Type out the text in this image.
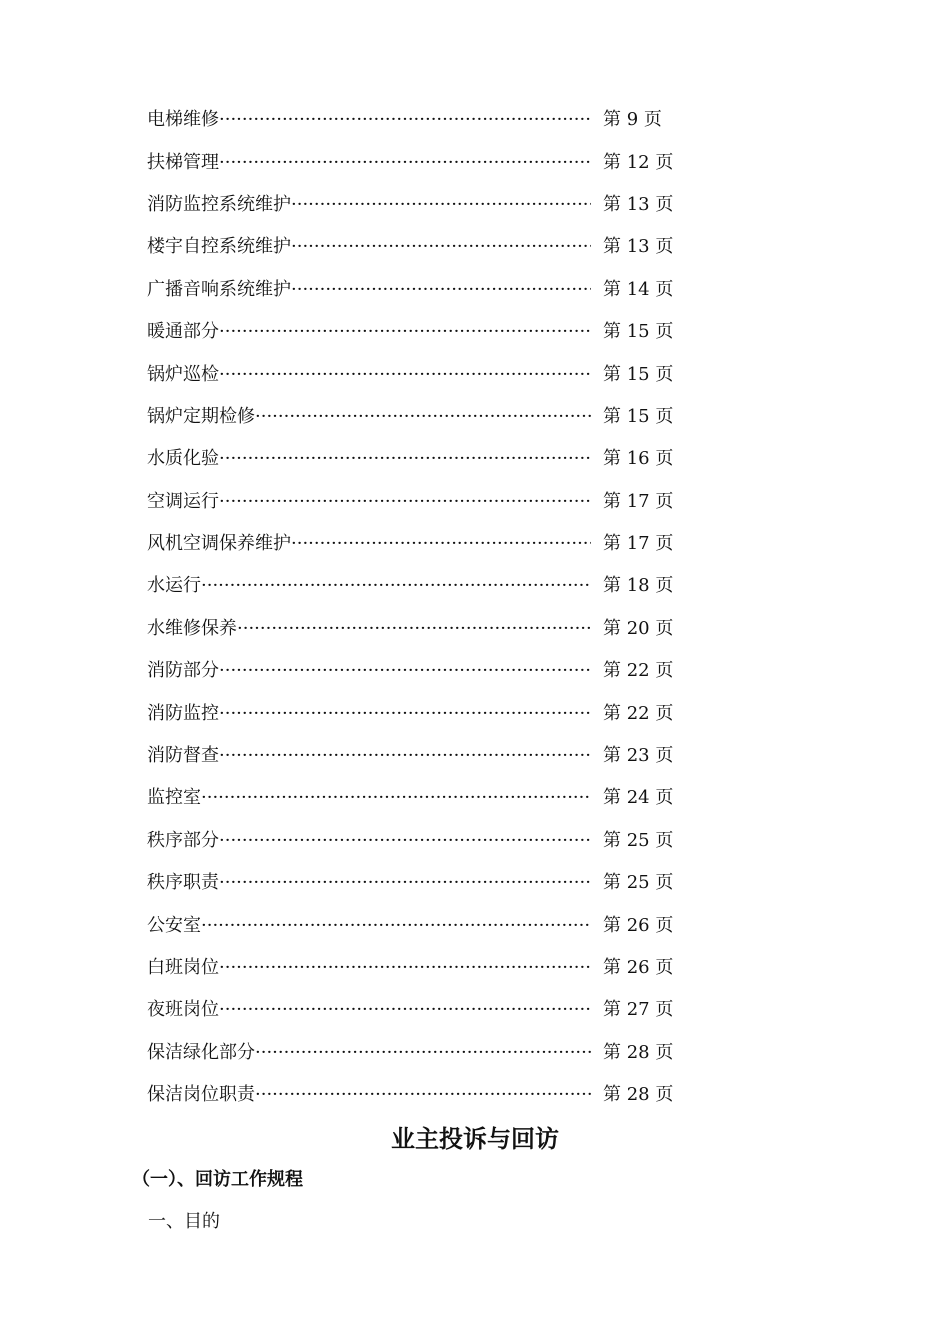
电梯维修 ·····	第 9 页
扶梯管理 ·····	第 12 页
消防监控系统维护 ·····	第 13 页
楼宇自控系统维护 ·····	第 13 页
广播音响系统维护 ·····	第 14 页
暖通部分 ·····	第 15 页
锅炉巡检 ·····	第 15 页
锅炉定期检修 ·····	第 15 页
水质化验 ·····	第 16 页
空调运行 ·····	第 17 页
风机空调保养维护 ·····	第 17 页
水运行 ·····	第 18 页
水维修保养 ·····	第 20 页
消防部分 ·····	第 22 页
消防监控 ·····	第 22 页
消防督查 ·····	第 23 页
监控室 ·····	第 24 页
秩序部分 ·····	第 25 页
秩序职责 ·····	第 25 页
公安室 ·····	第 26 页
白班岗位 ·····	第 26 页
夜班岗位 ·····	第 27 页
保洁绿化部分 ·····	第 28 页
保洁岗位职责 ·····	第 28 页
业主投诉与回访
（一）、回访工作规程
一、目的
